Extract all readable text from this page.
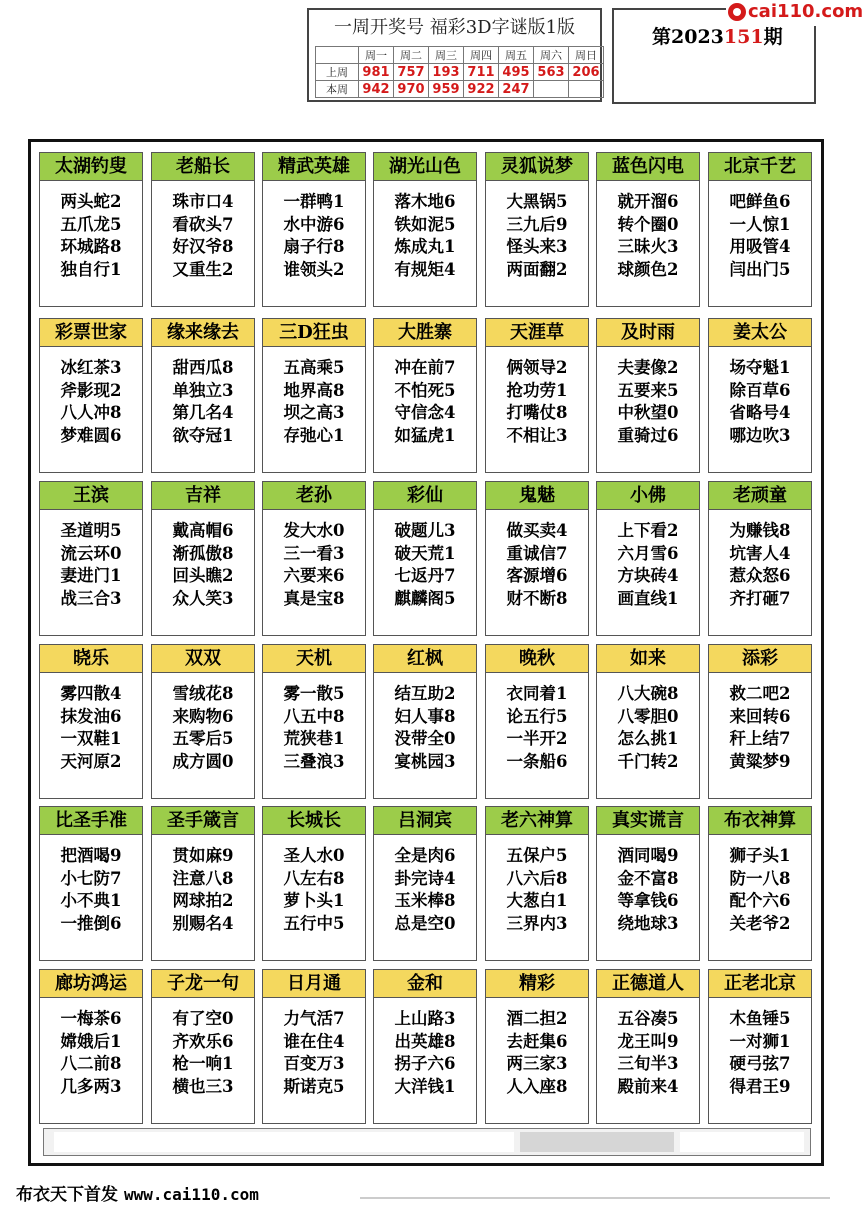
一周开奖号 福彩3D字谜版1版
	周一	周二	周三	周四	周五	周六	周日
上周	981	757	193	711	495	563	206
本周	942	970	959	922	247		
第2023151期
cai110.com
太湖钓叟
两头蛇2
五爪龙5
环城路8
独自行1
老船长
珠市口4
看砍头7
好汉爷8
又重生2
精武英雄
一群鸭1
水中游6
扇子行8
谁领头2
湖光山色
落木地6
铁如泥5
炼成丸1
有规矩4
灵狐说梦
大黑锅5
三九后9
怪头来3
两面翻2
蓝色闪电
就开溜6
转个圈0
三昧火3
球颜色2
北京千艺
吧鲜鱼6
一人惊1
用吸管4
闫出门5
彩票世家
冰红茶3
斧影现2
八人冲8
梦难圆6
缘来缘去
甜西瓜8
单独立3
第几名4
欲夺冠1
三D狂虫
五高乘5
地界高8
坝之高3
存弛心1
大胜寨
冲在前7
不怕死5
守信念4
如猛虎1
天涯草
俩领导2
抢功劳1
打嘴仗8
不相让3
及时雨
夫妻像2
五要来5
中秋望0
重骑过6
姜太公
场夺魁1
除百草6
省略号4
哪边吹3
王滨
圣道明5
流云环0
妻进门1
战三合3
吉祥
戴高帽6
渐孤傲8
回头瞧2
众人笑3
老孙
发大水0
三一看3
六要来6
真是宝8
彩仙
破题儿3
破天荒1
七返丹7
麒麟阁5
鬼魅
做买卖4
重诚信7
客源增6
财不断8
小佛
上下看2
六月雪6
方块砖4
画直线1
老顽童
为赚钱8
坑害人4
惹众怒6
齐打砸7
晓乐
雾四散4
抹发油6
一双鞋1
天河原2
双双
雪绒花8
来购物6
五零后5
成方圆0
天机
雾一散5
八五中8
荒狭巷1
三叠浪3
红枫
结互助2
妇人事8
没带全0
宴桃园3
晚秋
衣同着1
论五行5
一半开2
一条船6
如来
八大碗8
八零胆0
怎么挑1
千门转2
添彩
救二吧2
来回转6
秆上结7
黄粱梦9
比圣手准
把酒喝9
小七防7
小不典1
一推倒6
圣手箴言
贯如麻9
注意八8
网球拍2
别赐名4
长城长
圣人水0
八左右8
萝卜头1
五行中5
吕洞宾
全是肉6
卦完诗4
玉米棒8
总是空0
老六神算
五保户5
八六后8
大葱白1
三界内3
真实谎言
酒同喝9
金不富8
等拿钱6
绕地球3
布衣神算
狮子头1
防一八8
配个六6
关老爷2
廊坊鸿运
一梅茶6
嫦娥后1
八二前8
几多两3
子龙一句
有了空0
齐欢乐6
枪一响1
横也三3
日月通
力气活7
谁在住4
百变万3
斯诺克5
金和
上山路3
出英雄8
拐子六6
大洋钱1
精彩
酒二担2
去赶集6
两三家3
人入座8
正德道人
五谷凑5
龙王叫9
三旬半3
殿前来4
正老北京
木鱼锤5
一对狮1
硬弓弦7
得君王9
布衣天下首发 www.cai110.com
